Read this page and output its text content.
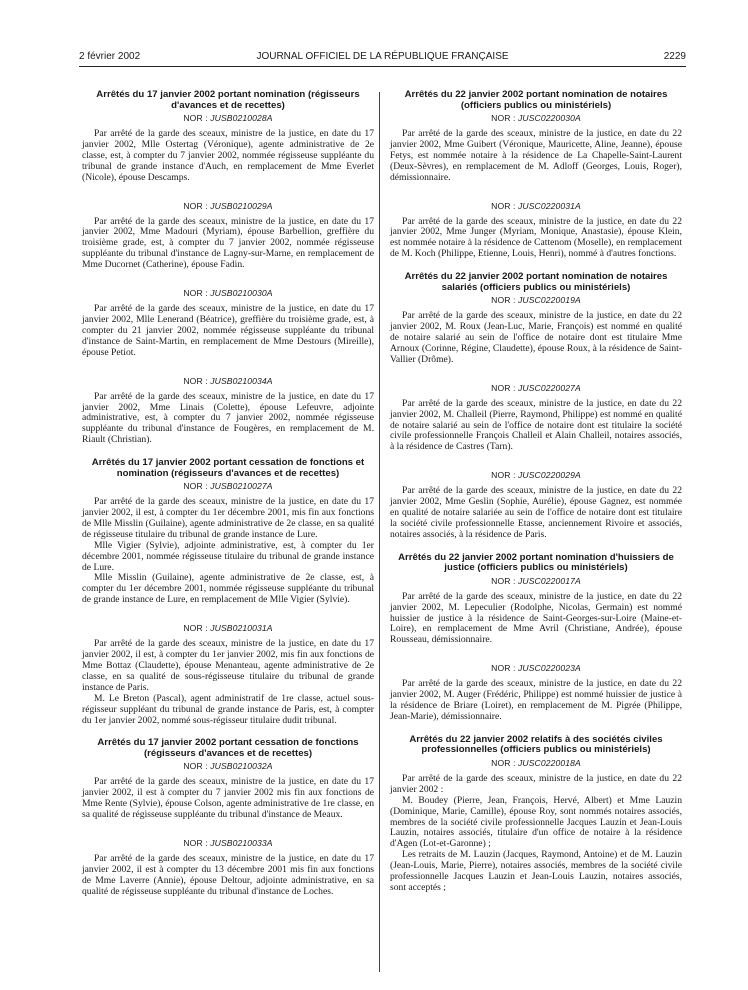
2 février 2002	JOURNAL OFFICIEL DE LA RÉPUBLIQUE FRANÇAISE	2229

Arrêtés du 17 janvier 2002 portant nomination (régisseurs d'avances et de recettes)

NOR : JUSB0210028A

Par arrêté de la garde des sceaux, ministre de la justice, en date du 17 janvier 2002, Mlle Ostertag (Véronique), agente administrative de 2e classe, est, à compter du 7 janvier 2002, nommée régisseuse suppléante du tribunal de grande instance d'Auch, en remplacement de Mme Everlet (Nicole), épouse Descamps.

NOR : JUSB0210029A

Par arrêté de la garde des sceaux, ministre de la justice, en date du 17 janvier 2002, Mme Madouri (Myriam), épouse Barbellion, greffière du troisième grade, est, à compter du 7 janvier 2002, nommée régisseuse suppléante du tribunal d'instance de Lagny-sur-Marne, en remplacement de Mme Ducornet (Catherine), épouse Fadin.

NOR : JUSB0210030A

Par arrêté de la garde des sceaux, ministre de la justice, en date du 17 janvier 2002, Mlle Lenerand (Béatrice), greffière du troisième grade, est, à compter du 21 janvier 2002, nommée régisseuse suppléante du tribunal d'instance de Saint-Martin, en remplacement de Mme Destours (Mireille), épouse Petiot.

NOR : JUSB0210034A

Par arrêté de la garde des sceaux, ministre de la justice, en date du 17 janvier 2002, Mme Linais (Colette), épouse Lefeuvre, adjointe administrative, est, à compter du 7 janvier 2002, nommée régisseuse suppléante du tribunal d'instance de Fougères, en remplacement de M. Riault (Christian).

Arrêtés du 17 janvier 2002 portant cessation de fonctions et nomination (régisseurs d'avances et de recettes)

NOR : JUSB0210027A

Par arrêté de la garde des sceaux, ministre de la justice, en date du 17 janvier 2002, il est, à compter du 1er décembre 2001, mis fin aux fonctions de Mlle Misslin (Guilaine), agente administrative de 2e classe, en sa qualité de régisseuse titulaire du tribunal de grande instance de Lure.

Mlle Vigier (Sylvie), adjointe administrative, est, à compter du 1er décembre 2001, nommée régisseuse titulaire du tribunal de grande instance de Lure.

Mlle Misslin (Guilaine), agente administrative de 2e classe, est, à compter du 1er décembre 2001, nommée régisseuse suppléante du tribunal de grande instance de Lure, en remplacement de Mlle Vigier (Sylvie).

NOR : JUSB0210031A

Par arrêté de la garde des sceaux, ministre de la justice, en date du 17 janvier 2002, il est, à compter du 1er janvier 2002, mis fin aux fonctions de Mme Bottaz (Claudette), épouse Menanteau, agente administrative de 2e classe, en sa qualité de sous-régisseuse titulaire du tribunal de grande instance de Paris.

M. Le Breton (Pascal), agent administratif de 1re classe, actuel sous-régisseur suppléant du tribunal de grande instance de Paris, est, à compter du 1er janvier 2002, nommé sous-régisseur titulaire dudit tribunal.

Arrêtés du 17 janvier 2002 portant cessation de fonctions (régisseurs d'avances et de recettes)

NOR : JUSB0210032A

Par arrêté de la garde des sceaux, ministre de la justice, en date du 17 janvier 2002, il est à compter du 7 janvier 2002 mis fin aux fonctions de Mme Rente (Sylvie), épouse Colson, agente administrative de 1re classe, en sa qualité de régisseuse suppléante du tribunal d'instance de Meaux.

NOR : JUSB0210033A

Par arrêté de la garde des sceaux, ministre de la justice, en date du 17 janvier 2002, il est à compter du 13 décembre 2001 mis fin aux fonctions de Mme Laverre (Annie), épouse Deltour, adjointe administrative, en sa qualité de régisseuse suppléante du tribunal d'instance de Loches.

Arrêtés du 22 janvier 2002 portant nomination de notaires (officiers publics ou ministériels)

NOR : JUSC0220030A

Par arrêté de la garde des sceaux, ministre de la justice, en date du 22 janvier 2002, Mme Guibert (Véronique, Mauricette, Aline, Jeanne), épouse Fetys, est nommée notaire à la résidence de La Chapelle-Saint-Laurent (Deux-Sèvres), en remplacement de M. Adloff (Georges, Louis, Roger), démissionnaire.

NOR : JUSC0220031A

Par arrêté de la garde des sceaux, ministre de la justice, en date du 22 janvier 2002, Mme Junger (Myriam, Monique, Anastasie), épouse Klein, est nommée notaire à la résidence de Cattenom (Moselle), en remplacement de M. Koch (Philippe, Etienne, Louis, Henri), nommé à d'autres fonctions.

Arrêtés du 22 janvier 2002 portant nomination de notaires salariés (officiers publics ou ministériels)

NOR : JUSC0220019A

Par arrêté de la garde des sceaux, ministre de la justice, en date du 22 janvier 2002, M. Roux (Jean-Luc, Marie, François) est nommé en qualité de notaire salarié au sein de l'office de notaire dont est titulaire Mme Arnoux (Corinne, Régine, Claudette), épouse Roux, à la résidence de Saint-Vallier (Drôme).

NOR : JUSC0220027A

Par arrêté de la garde des sceaux, ministre de la justice, en date du 22 janvier 2002, M. Challeil (Pierre, Raymond, Philippe) est nommé en qualité de notaire salarié au sein de l'office de notaire dont est titulaire la société civile professionnelle François Challeil et Alain Challeil, notaires associés, à la résidence de Castres (Tarn).

NOR : JUSC0220029A

Par arrêté de la garde des sceaux, ministre de la justice, en date du 22 janvier 2002, Mme Geslin (Sophie, Aurélie), épouse Gagnez, est nommée en qualité de notaire salariée au sein de l'office de notaire dont est titulaire la société civile professionnelle Etasse, anciennement Rivoire et associés, notaires associés, à la résidence de Paris.

Arrêtés du 22 janvier 2002 portant nomination d'huissiers de justice (officiers publics ou ministériels)

NOR : JUSC0220017A

Par arrêté de la garde des sceaux, ministre de la justice, en date du 22 janvier 2002, M. Lepeculier (Rodolphe, Nicolas, Germain) est nommé huissier de justice à la résidence de Saint-Georges-sur-Loire (Maine-et-Loire), en remplacement de Mme Avril (Christiane, Andrée), épouse Rousseau, démissionnaire.

NOR : JUSC0220023A

Par arrêté de la garde des sceaux, ministre de la justice, en date du 22 janvier 2002, M. Auger (Frédéric, Philippe) est nommé huissier de justice à la résidence de Briare (Loiret), en remplacement de M. Pigrée (Philippe, Jean-Marie), démissionnaire.

Arrêtés du 22 janvier 2002 relatifs à des sociétés civiles professionnelles (officiers publics ou ministériels)

NOR : JUSC0220018A

Par arrêté de la garde des sceaux, ministre de la justice, en date du 22 janvier 2002 :

M. Boudey (Pierre, Jean, François, Hervé, Albert) et Mme Lauzin (Dominique, Marie, Camille), épouse Roy, sont nommés notaires associés, membres de la société civile professionnelle Jacques Lauzin et Jean-Louis Lauzin, notaires associés, titulaire d'un office de notaire à la résidence d'Agen (Lot-et-Garonne) ;

Les retraits de M. Lauzin (Jacques, Raymond, Antoine) et de M. Lauzin (Jean-Louis, Marie, Pierre), notaires associés, membres de la société civile professionnelle Jacques Lauzin et Jean-Louis Lauzin, notaires associés, sont acceptés ;
